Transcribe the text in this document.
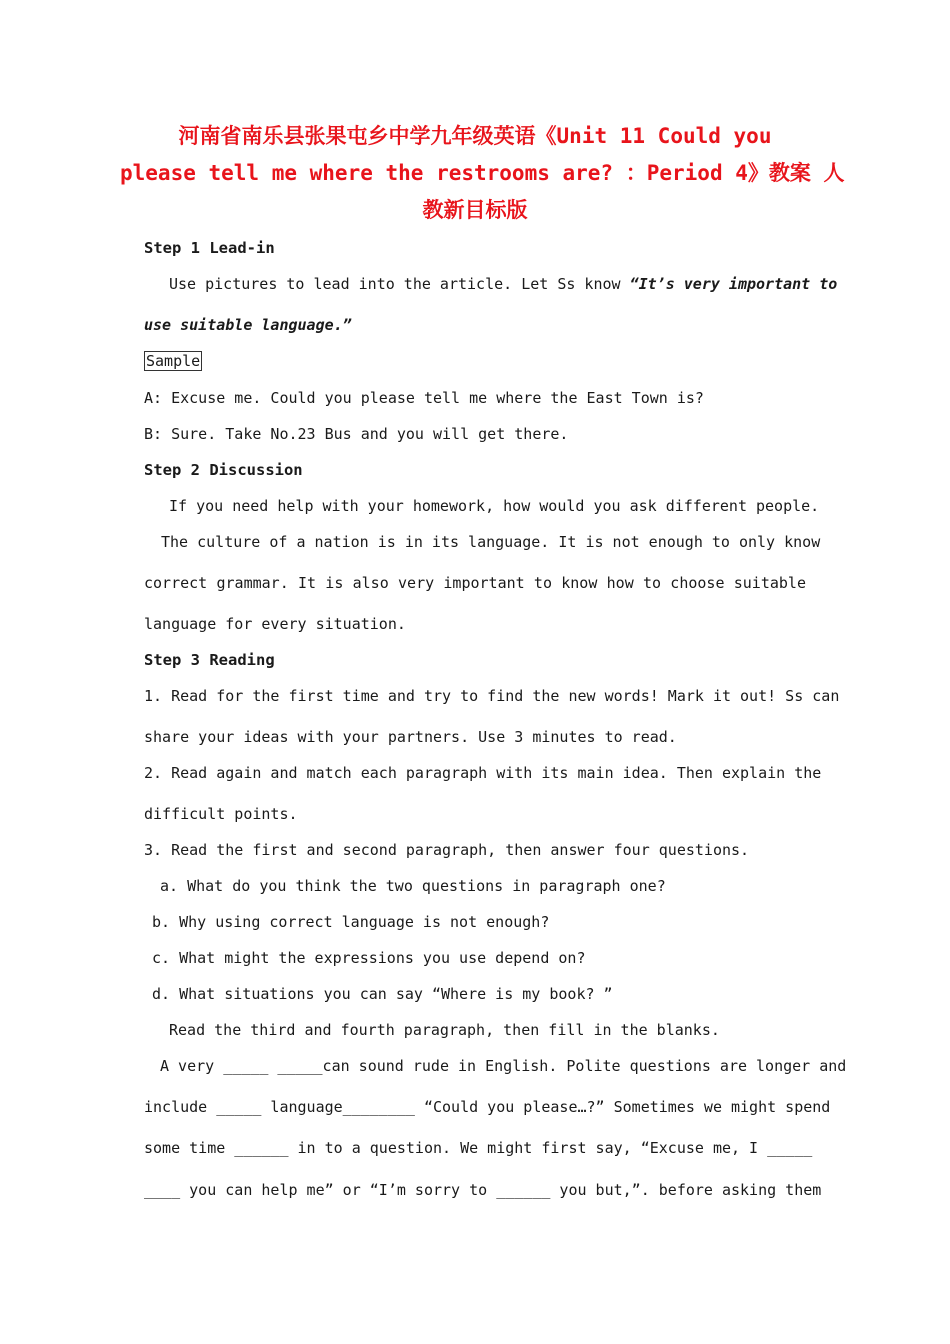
河南省南乐县张果屯乡中学九年级英语《Unit 11 Could you
please tell me where the restrooms are? ：Period 4》教案 人
教新目标版
Step 1 Lead-in
Use pictures to lead into the article. Let Ss know “It’s very important to
use suitable language.”
Sample
A: Excuse me. Could you please tell me where the East Town is?
B: Sure. Take No.23 Bus and you will get there.
Step 2 Discussion
If you need help with your homework, how would you ask different people.
The culture of a nation is in its language. It is not enough to only know
correct grammar. It is also very important to know how to choose suitable
language for every situation.
Step 3 Reading
1. Read for the first time and try to find the new words! Mark it out! Ss can
share your ideas with your partners. Use 3 minutes to read.
2. Read again and match each paragraph with its main idea. Then explain the
difficult points.
3. Read the first and second paragraph, then answer four questions.
a. What do you think the two questions in paragraph one?
b. Why using correct language is not enough?
c. What might the expressions you use depend on?
d. What situations you can say “Where is my book? ”
Read the third and fourth paragraph, then fill in the blanks.
A very _____ _____can sound rude in English. Polite questions are longer and
include _____ language________ “Could you please…?” Sometimes we might spend
some time ______ in to a question. We might first say, “Excuse me, I _____
____ you can help me” or “I’m sorry to ______ you but,”. before asking them
